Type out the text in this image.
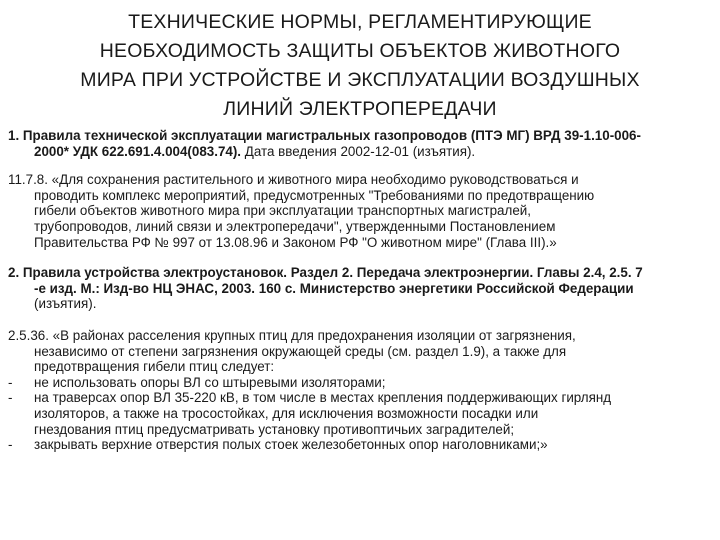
ТЕХНИЧЕСКИЕ НОРМЫ, РЕГЛАМЕНТИРУЮЩИЕ
НЕОБХОДИМОСТЬ ЗАЩИТЫ ОБЪЕКТОВ ЖИВОТНОГО
МИРА ПРИ УСТРОЙСТВЕ И ЭКСПЛУАТАЦИИ ВОЗДУШНЫХ
ЛИНИЙ ЭЛЕКТРОПЕРЕДАЧИ
1. Правила технической эксплуатации магистральных газопроводов (ПТЭ МГ) ВРД 39-1.10-006-
2000* УДК 622.691.4.004(083.74). Дата введения 2002-12-01 (изъятия).
11.7.8. «Для сохранения растительного и животного мира необходимо руководствоваться и
проводить комплекс мероприятий, предусмотренных "Требованиями по предотвращению
гибели объектов животного мира при эксплуатации транспортных магистралей,
трубопроводов, линий связи и электропередачи", утвержденными Постановлением
Правительства РФ № 997 от 13.08.96 и Законом РФ "О животном мире" (Глава III).»
2. Правила устройства электроустановок. Раздел 2. Передача электроэнергии. Главы 2.4, 2.5. 7
-е изд. М.: Изд-во НЦ ЭНАС, 2003. 160 с. Министерство энергетики Российской Федерации
(изъятия).
2.5.36. «В районах расселения крупных птиц для предохранения изоляции от загрязнения,
независимо от степени загрязнения окружающей среды (см. раздел 1.9), а также для
предотвращения гибели птиц следует:
-	не использовать опоры ВЛ со штыревыми изоляторами;
-	на траверсах опор ВЛ 35-220 кВ, в том числе в местах крепления поддерживающих гирлянд
изоляторов, а также на тросостойках, для исключения возможности посадки или
гнездования птиц предусматривать установку противоптичьих заградителей;
-	закрывать верхние отверстия полых стоек железобетонных опор наголовниками;»
